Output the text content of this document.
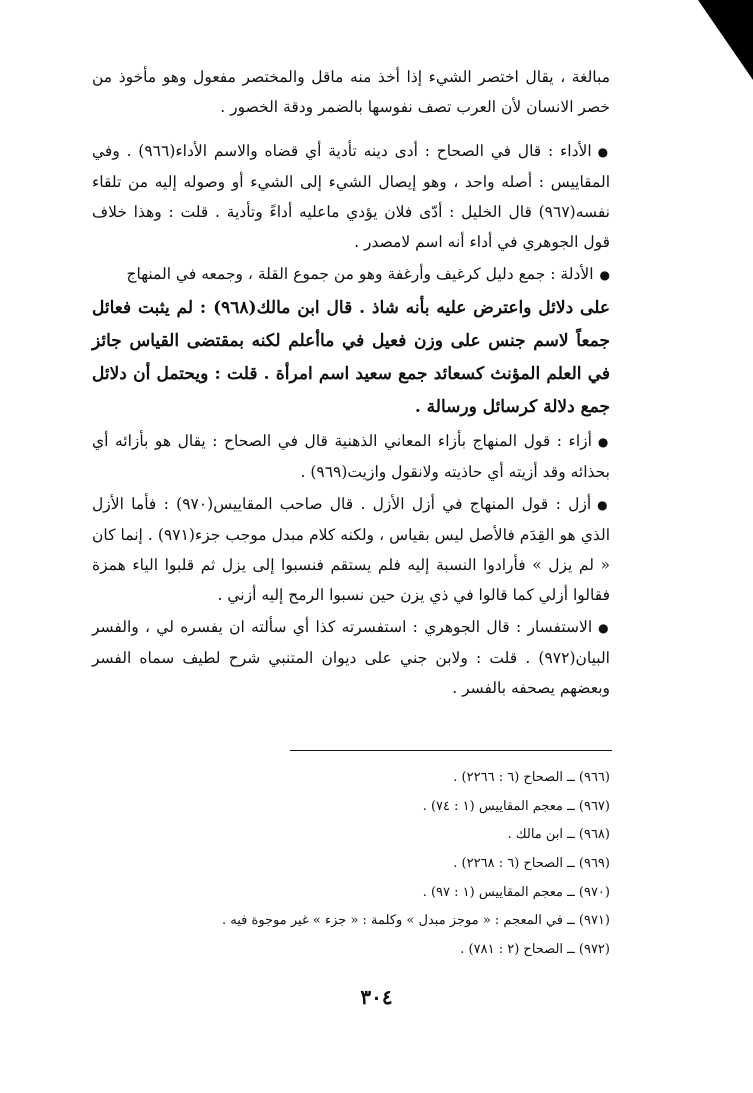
مبالغة ، يقال اختصر الشيء إذا أخذ منه ماقل والمختصر مفعول وهو مأخوذ من خصر الانسان لأن العرب تصف نفوسها بالضمر ودقة الخصور .

●الأداء : قال في الصحاح : أدى دينه تأدية أي قضاه والاسم الأداء(٩٦٦) . وفي المقاييس : أصله واحد ، وهو إيصال الشيء إلى الشيء أو وصوله إليه من تلقاء نفسه(٩٦٧) قال الخليل : أدّى فلان يؤدي ماعليه أداءً وتأدية . قلت : وهذا خلاف قول الجوهري في أداء أنه اسم لامصدر .

●الأدلة : جمع دليل كرغيف وأرغفة وهو من جموع القلة ، وجمعه في المنهاج

على دلائل واعترض عليه بأنه شاذ . قال ابن مالك(٩٦٨) : لم يثبت فعائل جمعاً لاسم جنس على وزن فعيل في ماأعلم لكنه بمقتضى القياس جائز في العلم المؤنث كسعائد جمع سعيد اسم امرأة . قلت : ويحتمل أن دلائل جمع دلالة كرسائل ورسالة .

●أزاء : قول المنهاج بأزاء المعاني الذهنية قال في الصحاح : يقال هو بأزائه أي بحذائه وقد أزيته أي حاذيته ولانقول وازيت(٩٦٩) .

●أزل : قول المنهاج في أزل الأزل . قال صاحب المقاييس(٩٧٠) : فأما الأزل الذي هو القِدَم فالأصل ليس بقياس ، ولكنه كلام مبدل موجب جزء(٩٧١) . إنما كان « لم يزل » فأرادوا النسبة إليه فلم يستقم فنسبوا إلى يزل ثم قلبوا الياء همزة فقالوا أزلي كما قالوا في ذي يزن حين نسبوا الرمح إليه أزني .

●الاستفسار : قال الجوهري : استفسرته كذا أي سألته ان يفسره لي ، والفسر البيان(٩٧٢) . قلت : ولابن جني على ديوان المتنبي شرح لطيف سماه الفسر وبعضهم يصحفه بالفسر .

(٩٦٦) ــ الصحاح (٦ : ٢٢٦٦) .
(٩٦٧) ــ معجم المقاييس (١ : ٧٤) .
(٩٦٨) ــ ابن مالك .
(٩٦٩) ــ الصحاح (٦ : ٢٢٦٨) .
(٩٧٠) ــ معجم المقاييس (١ : ٩٧) .
(٩٧١) ــ في المعجم : « موجز مبدل » وكلمة : « جزء » غير موجوة فيه .
(٩٧٢) ــ الصحاح (٢ : ٧٨١) .
٣٠٤
